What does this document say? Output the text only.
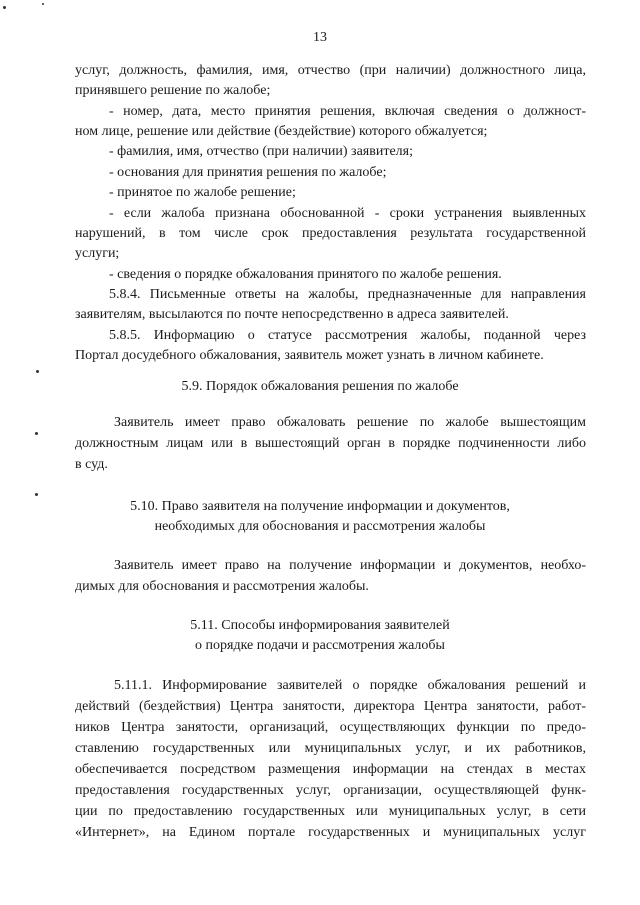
13
услуг, должность, фамилия, имя, отчество (при наличии) должностного лица,
принявшего решение по жалобе;
- номер, дата, место принятия решения, включая сведения о должност-
ном лице, решение или действие (бездействие) которого обжалуется;
- фамилия, имя, отчество (при наличии) заявителя;
- основания для принятия решения по жалобе;
- принятое по жалобе решение;
- если жалоба признана обоснованной - сроки устранения выявленных
нарушений, в том числе срок предоставления результата государственной
услуги;
- сведения о порядке обжалования принятого по жалобе решения.
5.8.4. Письменные ответы на жалобы, предназначенные для направления
заявителям, высылаются по почте непосредственно в адреса заявителей.
5.8.5. Информацию о статусе рассмотрения жалобы, поданной через
Портал досудебного обжалования, заявитель может узнать в личном кабинете.
5.9. Порядок обжалования решения по жалобе
Заявитель имеет право обжаловать решение по жалобе вышестоящим
должностным лицам или в вышестоящий орган в порядке подчиненности либо
в суд.
5.10. Право заявителя на получение информации и документов,
необходимых для обоснования и рассмотрения жалобы
Заявитель имеет право на получение информации и документов, необхо-
димых для обоснования и рассмотрения жалобы.
5.11. Способы информирования заявителей
о порядке подачи и рассмотрения жалобы
5.11.1. Информирование заявителей о порядке обжалования решений и
действий (бездействия) Центра занятости, директора Центра занятости, работ-
ников Центра занятости, организаций, осуществляющих функции по предо-
ставлению государственных или муниципальных услуг, и их работников,
обеспечивается посредством размещения информации на стендах в местах
предоставления государственных услуг, организации, осуществляющей функ-
ции по предоставлению государственных или муниципальных услуг, в сети
«Интернет», на Едином портале государственных и муниципальных услуг
